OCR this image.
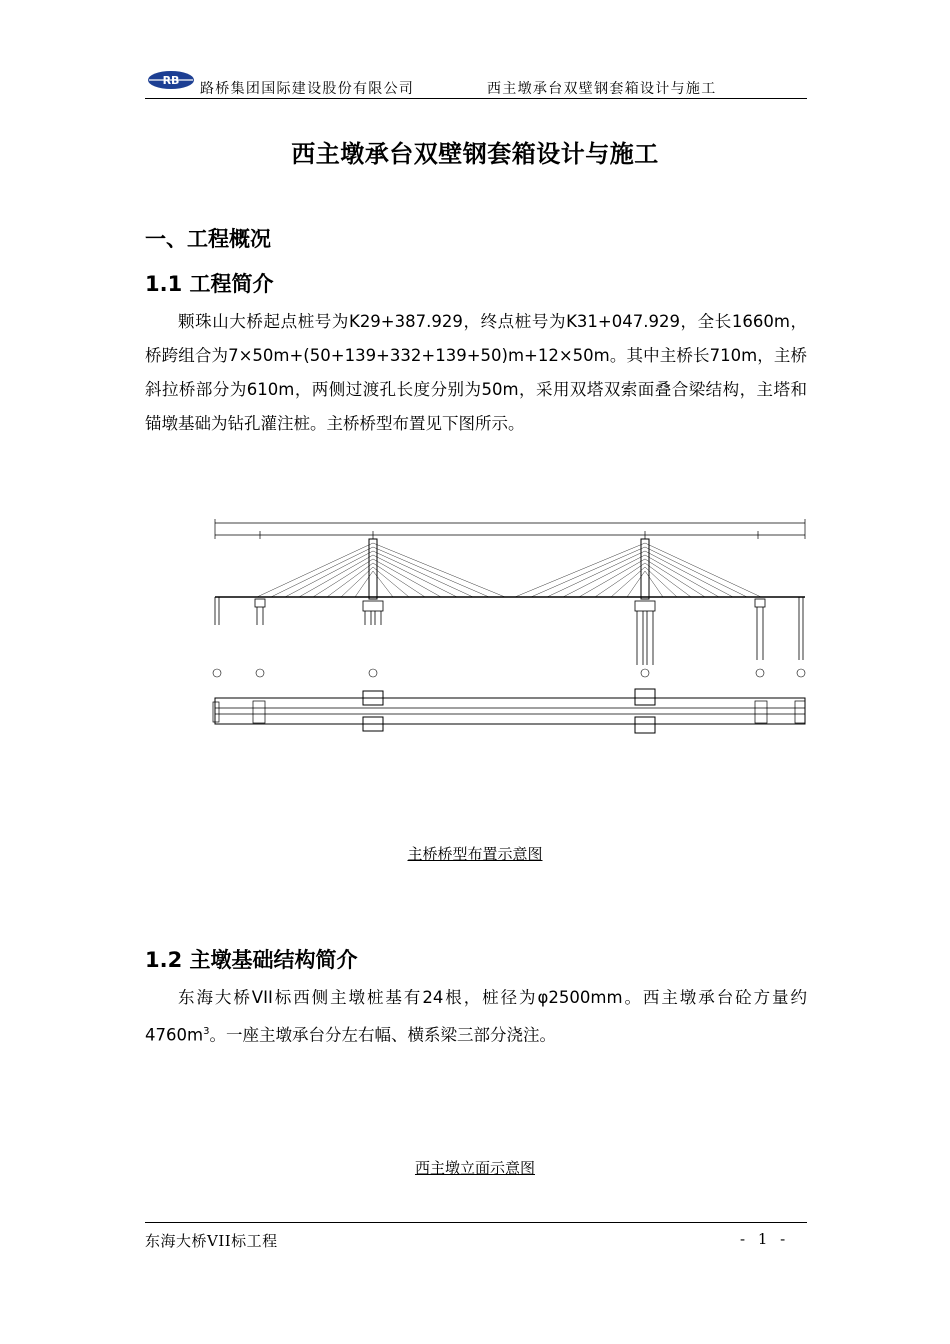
RB
路桥集团国际建设股份有限公司	西主墩承台双壁钢套箱设计与施工
西主墩承台双壁钢套箱设计与施工
一、工程概况
1.1 工程简介
颗珠山大桥起点桩号为K29+387.929，终点桩号为K31+047.929，全长1660m，桥跨组合为7×50m+(50+139+332+139+50)m+12×50m。其中主桥长710m，主桥斜拉桥部分为610m，两侧过渡孔长度分别为50m，采用双塔双索面叠合梁结构，主塔和锚墩基础为钻孔灌注桩。主桥桥型布置见下图所示。
主桥桥型布置示意图
1.2 主墩基础结构简介
东海大桥VII标西侧主墩桩基有24根，桩径为φ2500mm。西主墩承台砼方量约$4760m^3$。一座主墩承台分左右幅、横系梁三部分浇注。
西主墩立面示意图
东海大桥VII标工程	- 1 -
